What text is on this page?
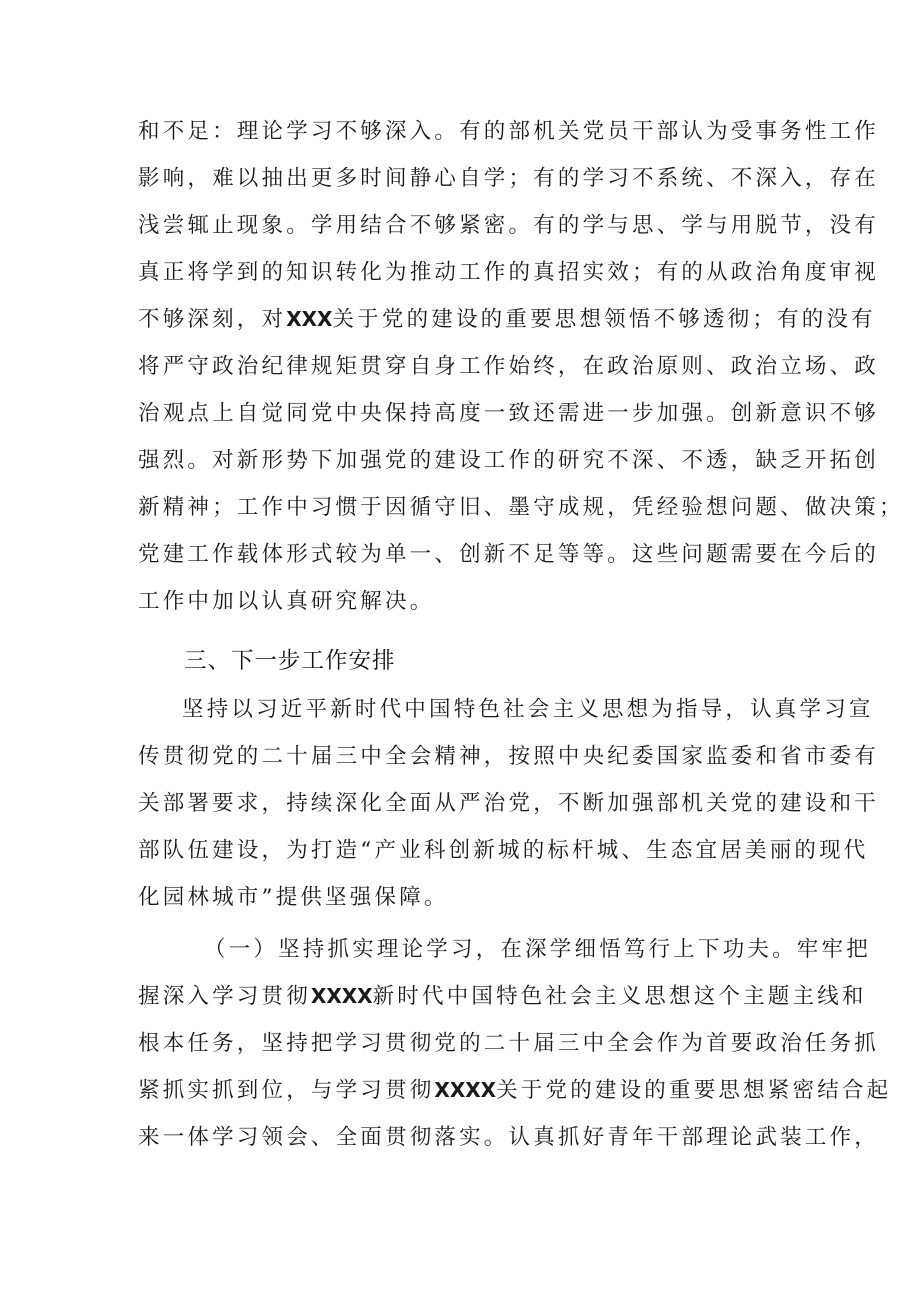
和不足：理论学习不够深入。有的部机关党员干部认为受事务性工作
影响，难以抽出更多时间静心自学；有的学习不系统、不深入，存在
浅尝辄止现象。学用结合不够紧密。有的学与思、学与用脱节，没有
真正将学到的知识转化为推动工作的真招实效；有的从政治角度审视
不够深刻，对XXX关于党的建设的重要思想领悟不够透彻；有的没有
将严守政治纪律规矩贯穿自身工作始终，在政治原则、政治立场、政
治观点上自觉同党中央保持高度一致还需进一步加强。创新意识不够
强烈。对新形势下加强党的建设工作的研究不深、不透，缺乏开拓创
新精神；工作中习惯于因循守旧、墨守成规，凭经验想问题、做决策；
党建工作载体形式较为单一、创新不足等等。这些问题需要在今后的
工作中加以认真研究解决。
三、下一步工作安排
坚持以习近平新时代中国特色社会主义思想为指导，认真学习宣
传贯彻党的二十届三中全会精神，按照中央纪委国家监委和省市委有
关部署要求，持续深化全面从严治党，不断加强部机关党的建设和干
部队伍建设，为打造“产业科创新城的标杆城、生态宜居美丽的现代
化园林城市”提供坚强保障。
（一）坚持抓实理论学习，在深学细悟笃行上下功夫。牢牢把
握深入学习贯彻XXXX新时代中国特色社会主义思想这个主题主线和
根本任务，坚持把学习贯彻党的二十届三中全会作为首要政治任务抓
紧抓实抓到位，与学习贯彻XXXX关于党的建设的重要思想紧密结合起
来一体学习领会、全面贯彻落实。认真抓好青年干部理论武装工作，
